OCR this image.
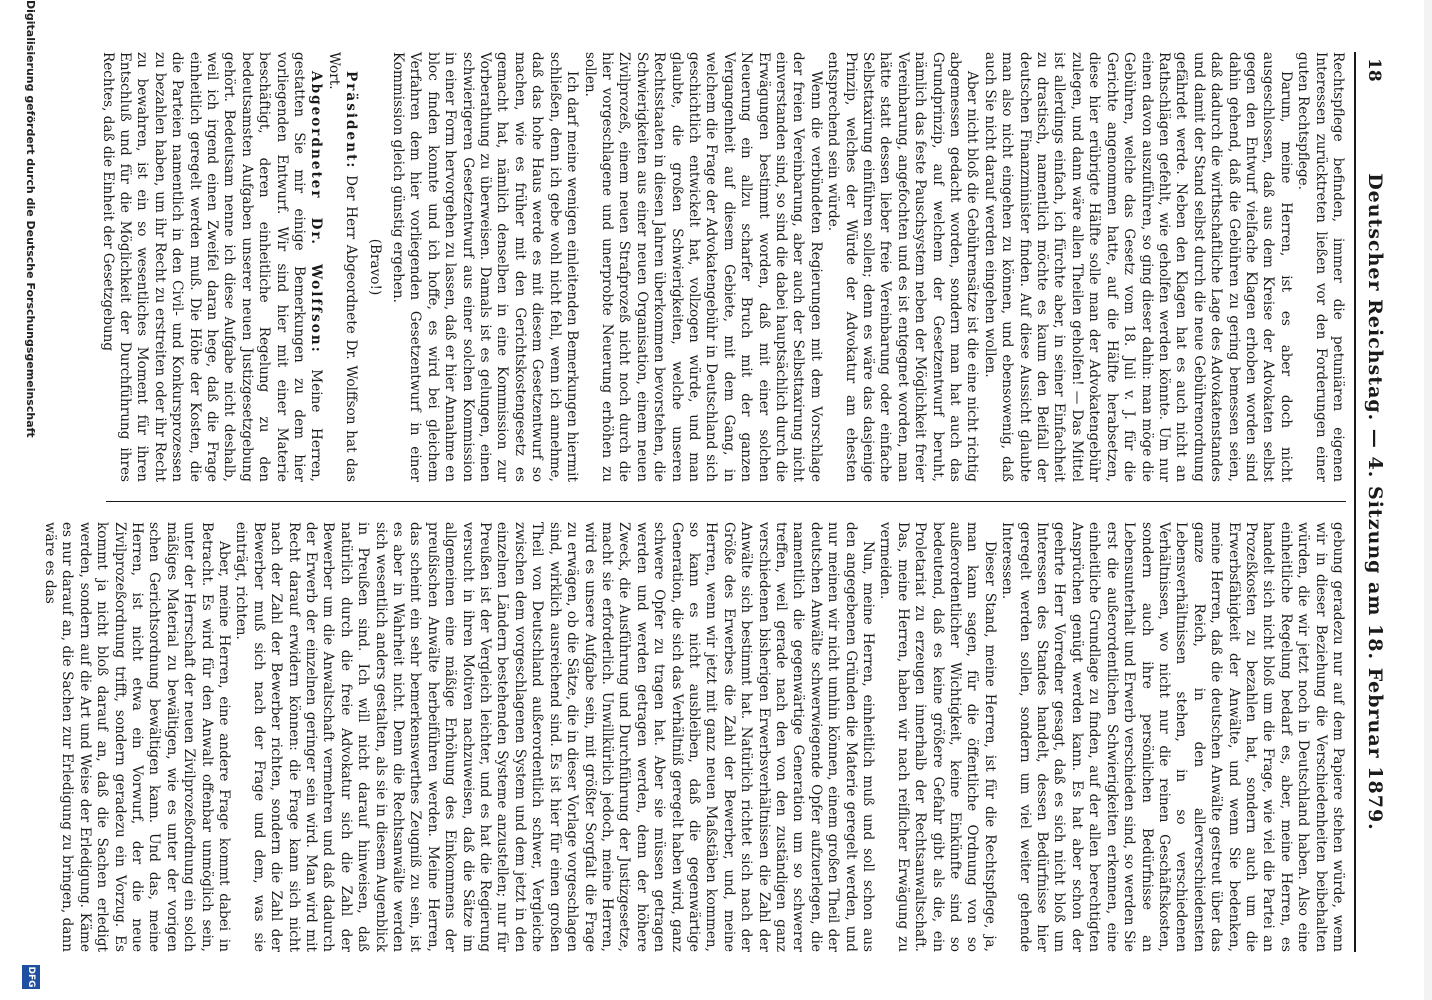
18
Deutscher Reichstag. — 4. Sitzung am 18. Februar 1879.

Rechtspflege befinden, immer die petuniären eigenen Interessen zurücktreten ließen vor den Forderungen einer guten Rechtspflege.

Darum, meine Herren, ist es aber doch nicht ausgeschlossen, daß aus dem Kreise der Advokaten selbst gegen den Entwurf vielfache Klagen erhoben worden sind dahin gehend, daß die Gebühren zu gering bemessen seien, daß dadurch die wirthschaftliche Lage des Advokatenstandes und damit der Stand selbst durch die neue Gebührenordnung gefährdet werde. Neben den Klagen hat es auch nicht an Rathschlägen gefehlt, wie geholfen werden könnte. Um nur einen davon auszuführen, so ging dieser dahin: man möge die Gebühren, welche das Gesetz vom 18. Juli v. J. für die Gerichte angenommen hatte, auf die Hälfte herabsetzen, diese hier erübrigte Hälfte solle man der Advokatengebühr zulegen, und dann wäre allen Theilen geholfen! — Das Mittel ist allerdings einfach, ich fürchte aber, in seiner Einfachheit zu drastisch, namentlich möchte es kaum den Beifall der deutschen Finanzminister finden. Auf diese Aussicht glaubte man also nicht eingehen zu können, und ebensowenig, daß auch Sie nicht darauf werden eingehen wollen.

Aber nicht bloß die Gebührensätze ist die eine nicht richtig abgemessen gedacht worden, sondern man hat auch das Grundprinzip, auf welchem der Gesetzentwurf beruht, nämlich das feste Pauschsystem neben der Möglichkeit freier Vereinbarung, angefochten und es ist entgegnet worden, man hätte statt dessen lieber freie Vereinbarung oder einfache Selbsttaxirung einführen sollen; denn es wäre das dasjenige Prinzip, welches der Würde der Advokatur am ehesten entsprechend sein würde.

Wenn die verbündeten Regierungen mit dem Vorschlage der freien Vereinbarung, aber auch der Selbsttaxirung nicht einverstanden sind, so sind die dabei hauptsächlich durch die Erwägungen bestimmt worden, daß mit einer solchen Neuerung ein allzu scharfer Bruch mit der ganzen Vergangenheit auf diesem Gebiete, mit dem Gang, in welchem die Frage der Advokatengebühr in Deutschland sich geschichtlich entwickelt hat, vollzogen würde, und man glaubte, die großen Schwierigkeiten, welche unseren Rechtsstaaten in diesen Jahren überkommen bevorstehen, die Schwierigkeiten aus einer neuen Organisation, einem neuen Zivilprozeß, einem neuen Strafprozeß nicht noch durch die hier vorgeschlagene und unerprobte Neuerung erhöhen zu sollen.

Ich darf meine wenigen einleitenden Bemerkungen hiermit schließen, denn ich gebe wohl nicht fehl, wenn ich annehme, daß das hohe Haus werde es mit diesem Gesetzentwurf so machen, wie es früher mit den Gerichtskostengesetz es gemacht hat, nämlich denselben in eine Kommission zur Vorberathung zu überweisen. Damals ist es gelungen, einen schwierigeren Gesetzentwurf aus einer solchen Kommission in einer Form hervorgehen zu lassen, daß er hier Annahme en bloc finden konnte und ich hoffe, es wird bei gleichem Verfahren dem hier vorliegenden Gesetzentwurf in einer Kommission gleich günstig ergehen.

(Bravo!)

Präsident: Der Herr Abgeordnete Dr. Wolffson hat das Wort.

Abgeordneter Dr. Wolffson: Meine Herren, gestatten Sie mir einige Bemerkungen zu dem hier vorliegenden Entwurf. Wir sind hier mit einer Materie beschäftigt, deren einheitliche Regelung zu den bedeutsamsten Aufgaben unserer neuen Justizgesetzgebung gehört. Bedeutsam nenne ich diese Aufgabe nicht deshalb, weil ich irgend einen Zweifel daran hege, daß die Frage einheitlich geregelt werden muß. Die Höhe der Kosten, die die Parteien namentlich in den Civil- und Konkursprozessen zu bezahlen haben, um ihr Recht zu erstreiten oder ihr Recht zu bewahren, ist ein so wesentliches Moment für ihren Entschluß und für die Möglichkeit der Durchführung ihres Rechtes, daß die Einheit der Gesetzgebung

gebung geradezu nur auf dem Papiere stehen würde, wenn wir in dieser Beziehung die Verschiedenheiten beibehalten würden, die wir jetzt noch in Deutschland haben. Also eine einheitliche Regelung bedarf es, aber, meine Herren, es handelt sich nicht bloß um die Frage, wie viel die Partei an Prozeßkosten zu bezahlen hat, sondern auch um die Erwerbsfähigkeit der Anwälte, und wenn Sie bedenken, meine Herren, daß die deutschen Anwälte gestreut über das ganze Reich, in den allerverschiedensten Lebensverhältnissen stehen, in so verschiedenen Verhältnissen, wo nicht nur die reinen Geschäftskosten, sondern auch ihre persönlichen Bedürfnisse an Lebensunterhalt und Erwerb verschieden sind, so werden Sie erst die außerordentlichen Schwierigkeiten erkennen, eine einheitliche Grundlage zu finden, auf der allen berechtigten Ansprüchen genügt werden kann. Es hat aber schon der geehrte Herr Vorredner gesagt, daß es sich nicht bloß um Interessen des Standes handelt, dessen Bedürfnisse hier geregelt werden sollen, sondern um viel weiter gehende Interessen.

Dieser Stand, meine Herren, ist für die Rechtspflege, ja, man kann sagen, für die öffentliche Ordnung von so außerordentlicher Wichtigkeit, keine Einkünfte sind so bedeutend, daß es keine größere Gefahr gibt als die, ein Proletariat zu erzeugen innerhalb der Rechtsanwaltschaft. Das, meine Herren, haben wir nach reiflicher Erwägung zu vermeiden.

Nun, meine Herren, einheitlich muß und soll schon aus den angegebenen Gründen die Materie geregelt werden, und nur meinen wir nicht umhin können, einem großen Theil der deutschen Anwälte schwerwiegende Opfer aufzuerlegen, die namentlich die gegenwärtige Generation um so schwerer treffen, weil gerade nach den von den zuständigen ganz verschiedenen bisherigen Erwerbsverhältnissen die Zahl der Anwälte sich bestimmt hat. Natürlich richtet sich nach der Größe des Erwerbes die Zahl der Bewerber, und, meine Herren, wenn wir jetzt mit ganz neuen Maßstäben kommen, so kann es nicht ausbleiben, daß die gegenwärtige Generation, die sich das Verhältniß geregelt haben wird, ganz schwere Opfer zu tragen hat. Aber sie müssen getragen werden und werden getragen werden, denn der höhere Zweck, die Ausführung und Durchführung der Justizgesetze, macht sie erforderlich. Unwillkürlich jedoch, meine Herren, wird es unsere Aufgabe sein, mit größter Sorgfalt die Frage zu erwägen, ob die Sätze, die in dieser Vorlage vorgeschlagen sind, wirklich ausreichend sind. Es ist hier für einen großen Theil von Deutschland außerordentlich schwer, Vergleiche zwischen dem vorgeschlagenen System und dem jetzt in den einzelnen Ländern bestehenden Systeme anzustellen; nur für Preußen ist der Vergleich leichter, und es hat die Regierung versucht in ihren Motiven nachzuweisen, daß die Sätze im allgemeinen eine mäßige Erhöhung des Einkommens der preußischen Anwälte herbeiführen werden. Meine Herren, das scheint ein sehr bemerkenswerthes Zeugniß zu sein, ist es aber in Wahrheit nicht. Denn die Rechtsanwälte werden sich wesentlich anders gestalten, als sie in diesem Augenblick in Preußen sind. Ich will nicht darauf hinweisen, daß natürlich durch die freie Advokatur sich die Zahl der Bewerber um die Anwaltschaft vermehren und daß dadurch der Erwerb der einzelnen geringer sein wird. Man wird mit Recht darauf erwidern können: die Frage kann sich nicht nach der Zahl der Bewerber richten, sondern die Zahl der Bewerber muß sich nach der Frage und dem, was sie einträgt, richten.

Aber, meine Herren, eine andere Frage kommt dabei in Betracht. Es wird für den Anwalt offenbar unmöglich sein, unter der Herrschaft der neuen Zivilprozeßordnung ein solch mäßiges Material zu bewältigen, wie es unter der vorigen schen Gerichtsordnung bewältigen kann. Und das, meine Herren, ist nicht etwa ein Vorwurf, der die neue Zivilprozeßordnung trifft, sondern geradezu ein Vorzug. Es kommt ja nicht bloß darauf an, daß die Sachen erledigt werden, sondern auf die Art und Weise der Erledigung. Käme es nur darauf an, die Sachen zur Erledigung zu bringen, dann wäre es das

Digitalisierung gefördert durch die Deutsche Forschungsgemeinschaft
DFG
